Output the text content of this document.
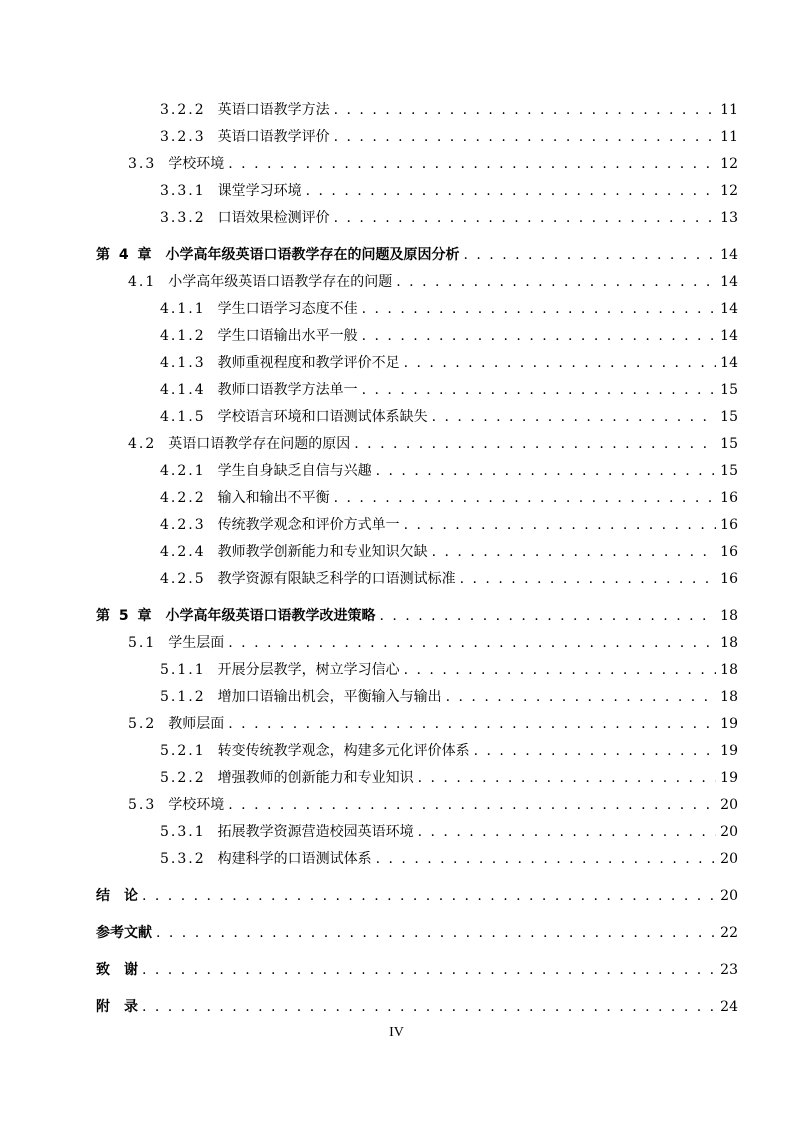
3.2.2 英语口语教学方法 . . .	11
3.2.3 英语口语教学评价 . . .	11
3.3 学校环境 . . .	12
3.3.1 课堂学习环境 . . .	12
3.3.2 口语效果检测评价 . . .	13
第 4 章 小学高年级英语口语教学存在的问题及原因分析 . . .	14
4.1 小学高年级英语口语教学存在的问题 . . .	14
4.1.1 学生口语学习态度不佳 . . .	14
4.1.2 学生口语输出水平一般 . . .	14
4.1.3 教师重视程度和教学评价不足 . . .	14
4.1.4 教师口语教学方法单一 . . .	15
4.1.5 学校语言环境和口语测试体系缺失 . . .	15
4.2 英语口语教学存在问题的原因 . . .	15
4.2.1 学生自身缺乏自信与兴趣 . . .	15
4.2.2 输入和输出不平衡 . . .	16
4.2.3 传统教学观念和评价方式单一 . . .	16
4.2.4 教师教学创新能力和专业知识欠缺 . . .	16
4.2.5 教学资源有限缺乏科学的口语测试标准 . . .	16
第 5 章 小学高年级英语口语教学改进策略 . . .	18
5.1 学生层面 . . .	18
5.1.1 开展分层教学，树立学习信心 . . .	18
5.1.2 增加口语输出机会，平衡输入与输出 . . .	18
5.2 教师层面 . . .	19
5.2.1 转变传统教学观念，构建多元化评价体系 . . .	19
5.2.2 增强教师的创新能力和专业知识 . . .	19
5.3 学校环境 . . .	20
5.3.1 拓展教学资源营造校园英语环境 . . .	20
5.3.2 构建科学的口语测试体系 . . .	20
结　论 . . .	20
参考文献 . . .	22
致　谢 . . .	23
附　录 . . .	24
IV
